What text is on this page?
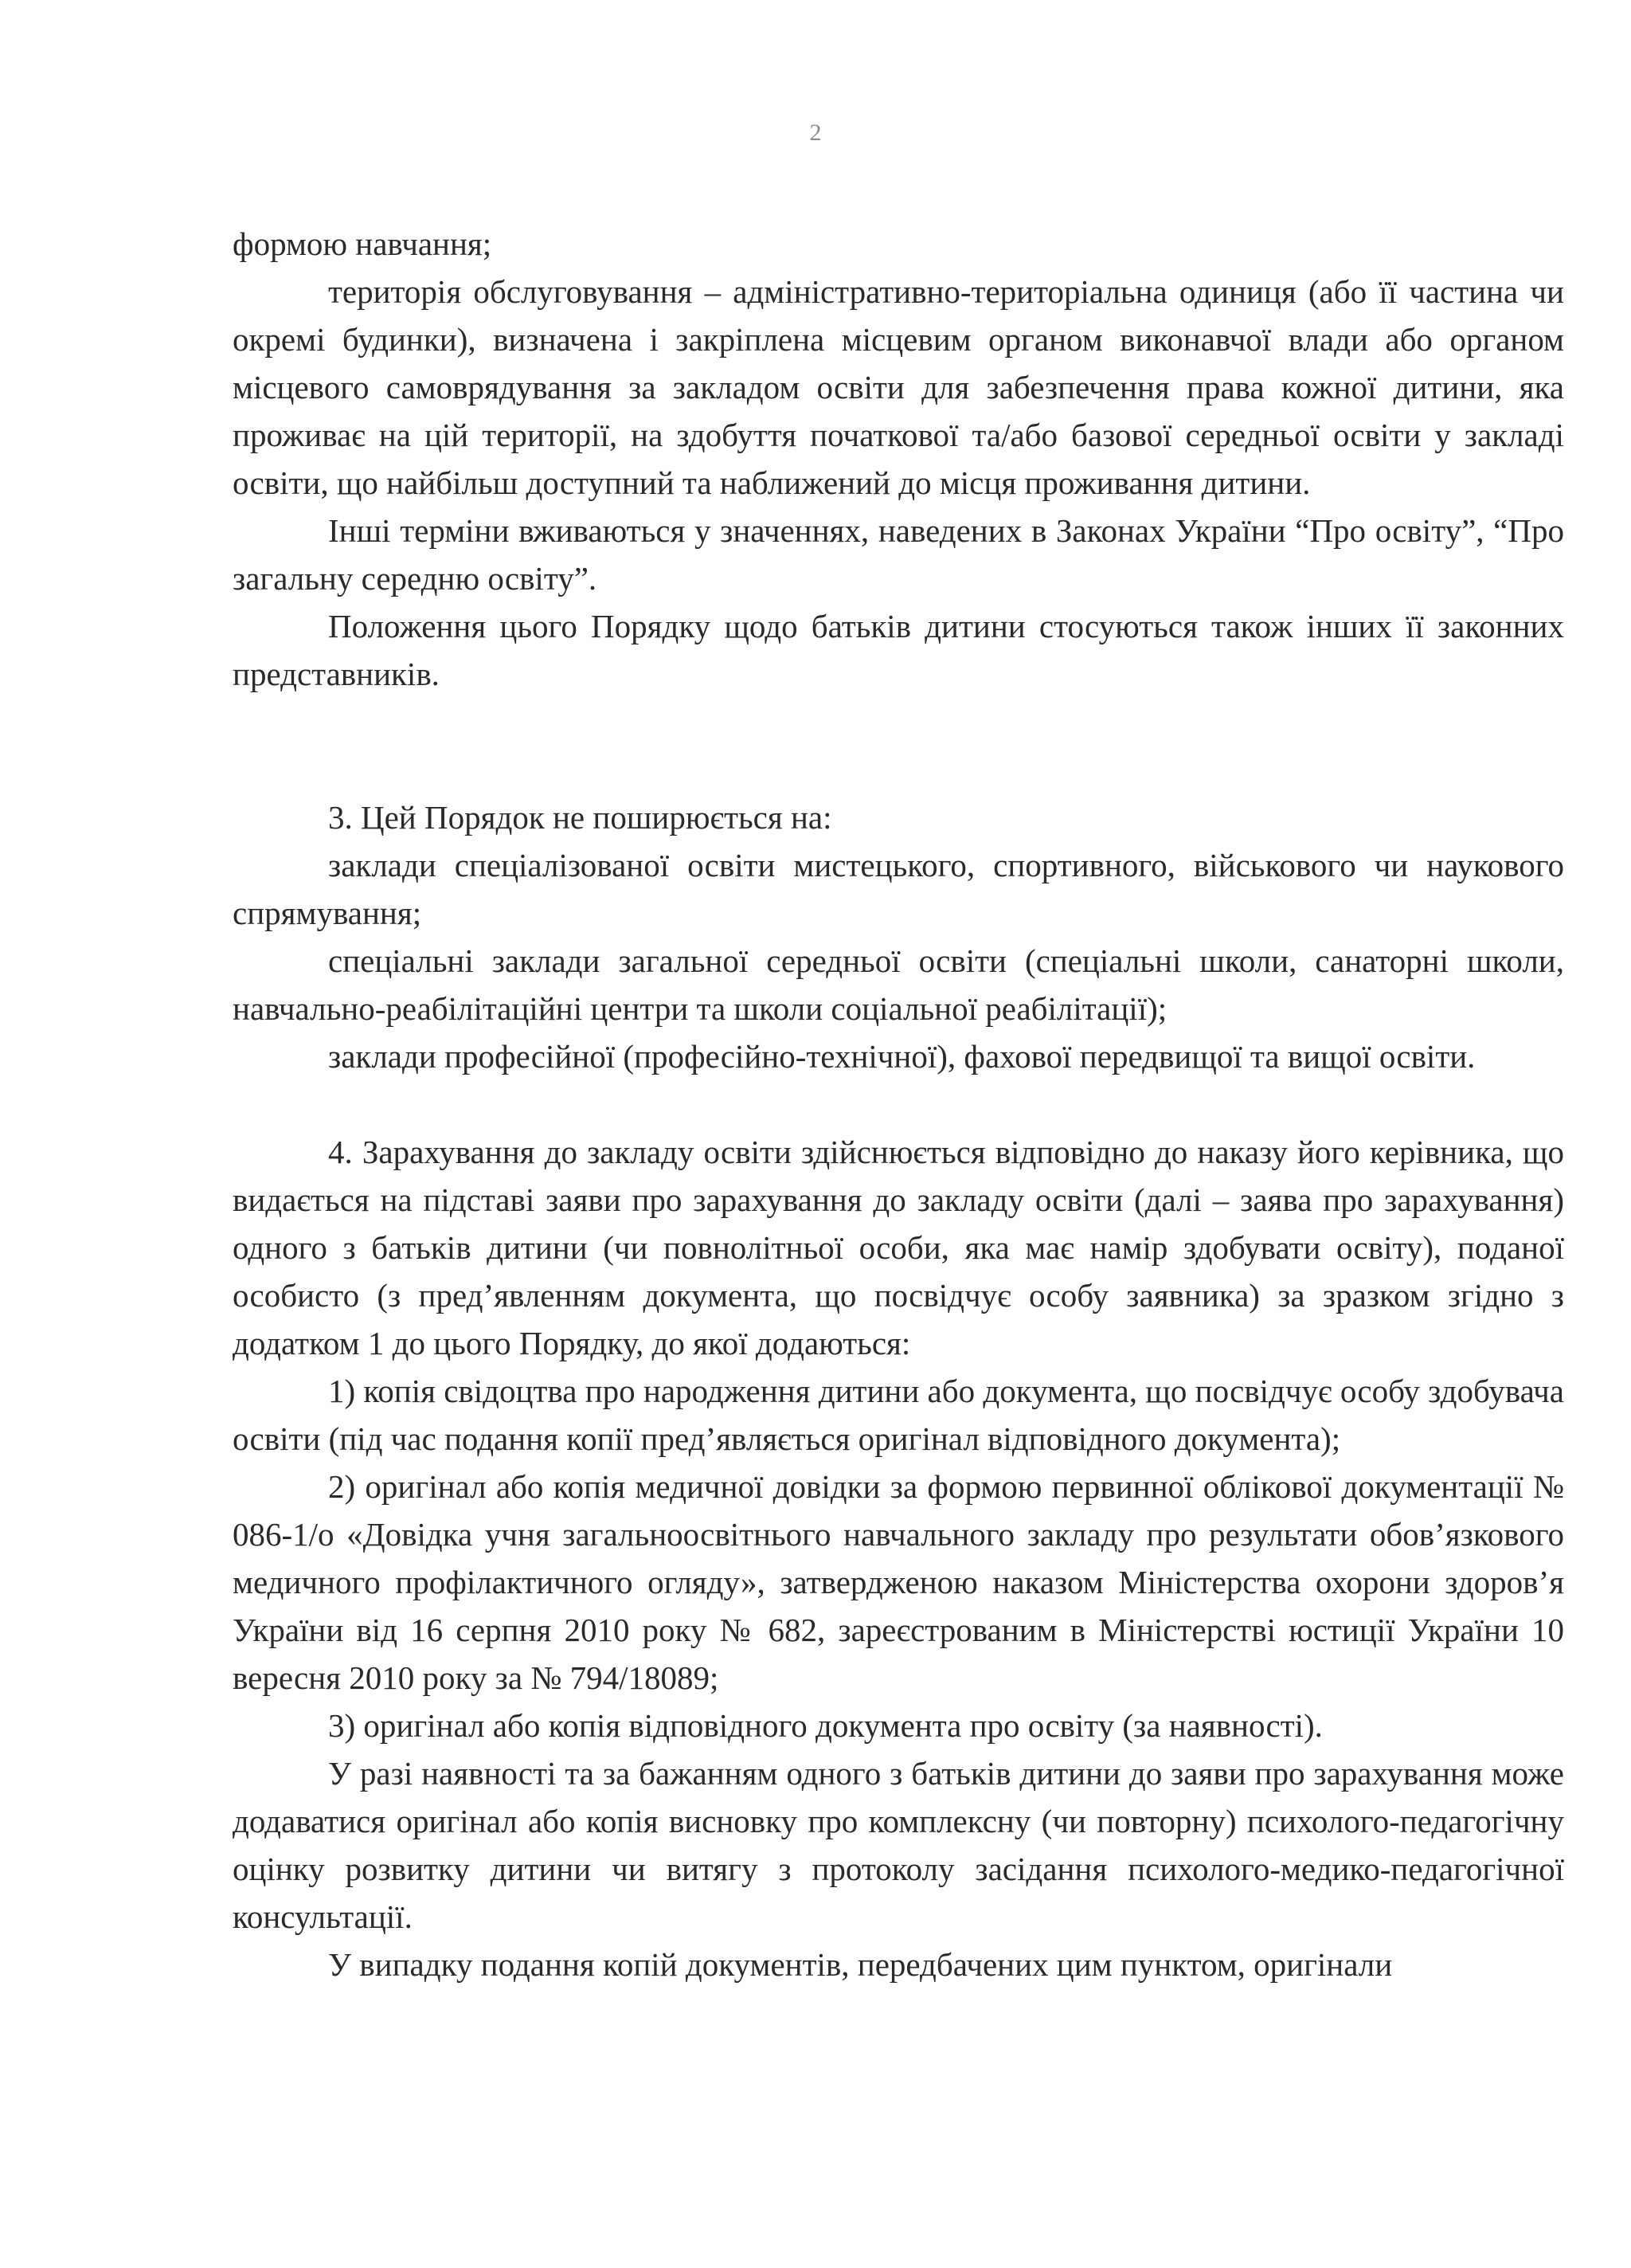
2

формою навчання;

територія обслуговування – адміністративно-територіальна одиниця (або її частина чи окремі будинки), визначена і закріплена місцевим органом виконавчої влади або органом місцевого самоврядування за закладом освіти для забезпечення права кожної дитини, яка проживає на цій території, на здобуття початкової та/або базової середньої освіти у закладі освіти, що найбільш доступний та наближений до місця проживання дитини.

Інші терміни вживаються у значеннях, наведених в Законах України “Про освіту”, “Про загальну середню освіту”.

Положення цього Порядку щодо батьків дитини стосуються також інших її законних представників.

3. Цей Порядок не поширюється на:

заклади спеціалізованої освіти мистецького, спортивного, військового чи наукового спрямування;

спеціальні заклади загальної середньої освіти (спеціальні школи, санаторні школи, навчально-реабілітаційні центри та школи соціальної реабілітації);

заклади професійної (професійно-технічної), фахової передвищої та вищої освіти.

4. Зарахування до закладу освіти здійснюється відповідно до наказу його керівника, що видається на підставі заяви про зарахування до закладу освіти (далі – заява про зарахування) одного з батьків дитини (чи повнолітньої особи, яка має намір здобувати освіту), поданої особисто (з пред’явленням документа, що посвідчує особу заявника) за зразком згідно з додатком 1 до цього Порядку, до якої додаються:

1) копія свідоцтва про народження дитини або документа, що посвідчує особу здобувача освіти (під час подання копії пред’являється оригінал відповідного документа);

2) оригінал або копія медичної довідки за формою первинної облікової документації № 086-1/о «Довідка учня загальноосвітнього навчального закладу про результати обов’язкового медичного профілактичного огляду», затвердженою наказом Міністерства охорони здоров’я України від 16 серпня 2010 року № 682, зареєстрованим в Міністерстві юстиції України 10 вересня 2010 року за № 794/18089;

3) оригінал або копія відповідного документа про освіту (за наявності).

У разі наявності та за бажанням одного з батьків дитини до заяви про зарахування може додаватися оригінал або копія висновку про комплексну (чи повторну) психолого-педагогічну оцінку розвитку дитини чи витягу з протоколу засідання психолого-медико-педагогічної консультації.

У випадку подання копій документів, передбачених цим пунктом, оригінали
